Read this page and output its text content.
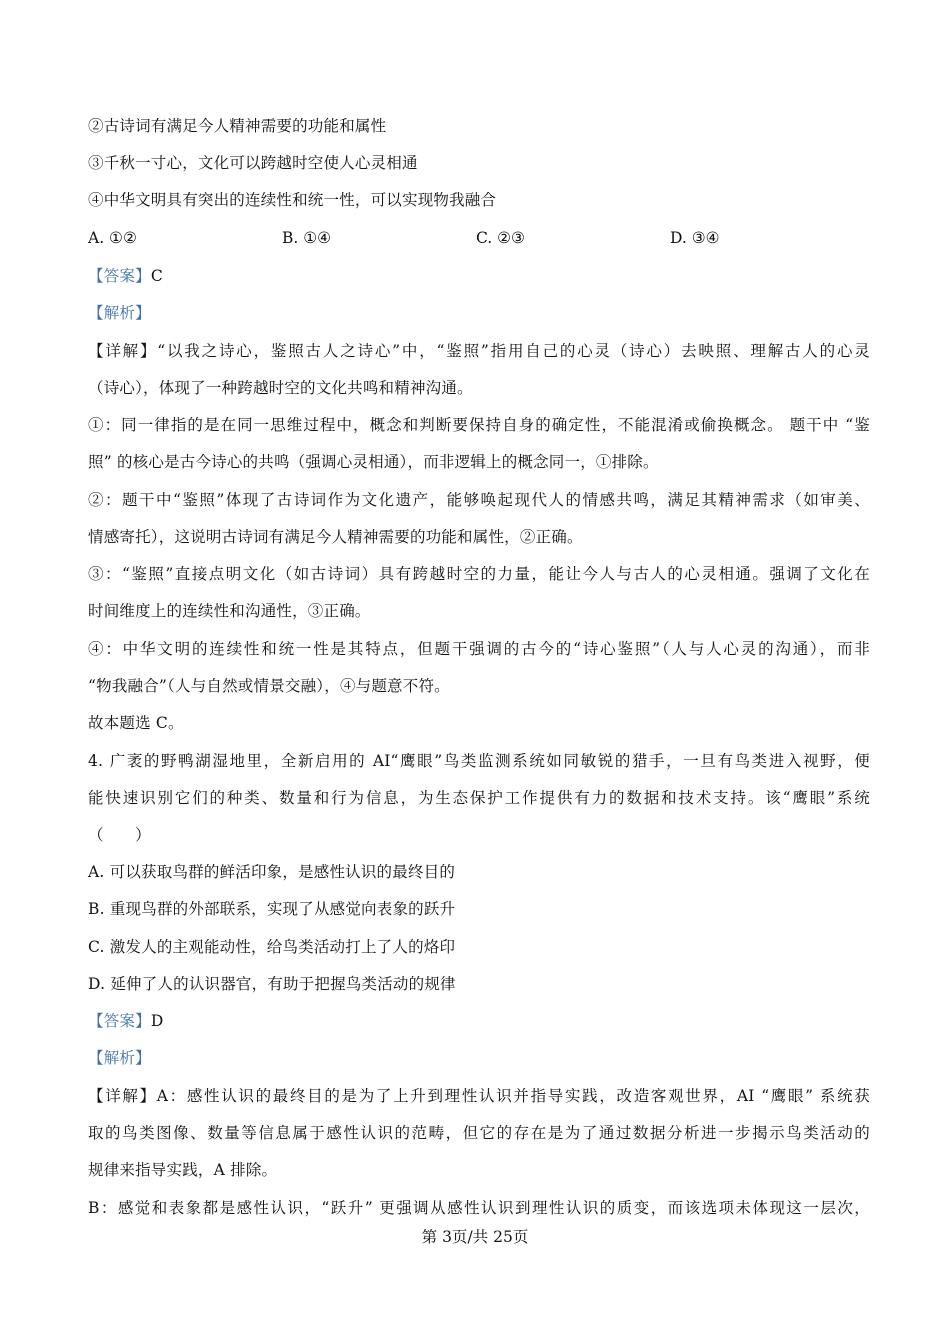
②古诗词有满足今人精神需要的功能和属性
③千秋一寸心，文化可以跨越时空使人心灵相通
④中华文明具有突出的连续性和统一性，可以实现物我融合
A. ①②	B. ①④	C. ②③	D. ③④
【答案】C
【解析】
【详解】“以我之诗心，鉴照古人之诗心”中，“鉴照”指用自己的心灵（诗心）去映照、理解古人的心灵
（诗心），体现了一种跨越时空的文化共鸣和精神沟通。
①：同一律指的是在同一思维过程中，概念和判断要保持自身的确定性，不能混淆或偷换概念。 题干中 “鉴
照” 的核心是古今诗心的共鸣（强调心灵相通），而非逻辑上的概念同一，①排除。
②：题干中“鉴照”体现了古诗词作为文化遗产，能够唤起现代人的情感共鸣，满足其精神需求（如审美、
情感寄托），这说明古诗词有满足今人精神需要的功能和属性，②正确。
③：“鉴照”直接点明文化（如古诗词）具有跨越时空的力量，能让今人与古人的心灵相通。强调了文化在
时间维度上的连续性和沟通性，③正确。
④：中华文明的连续性和统一性是其特点，但题干强调的古今的“诗心鉴照”（人与人心灵的沟通），而非
“物我融合”（人与自然或情景交融），④与题意不符。
故本题选 C。
4. 广袤的野鸭湖湿地里，全新启用的 AI“鹰眼”鸟类监测系统如同敏锐的猎手，一旦有鸟类进入视野，便
能快速识别它们的种类、数量和行为信息，为生态保护工作提供有力的数据和技术支持。该“鹰眼”系统
（　　）
A. 可以获取鸟群的鲜活印象，是感性认识的最终目的
B. 重现鸟群的外部联系，实现了从感觉向表象的跃升
C. 激发人的主观能动性，给鸟类活动打上了人的烙印
D. 延伸了人的认识器官，有助于把握鸟类活动的规律
【答案】D
【解析】
【详解】A：感性认识的最终目的是为了上升到理性认识并指导实践，改造客观世界，AI “鹰眼” 系统获
取的鸟类图像、数量等信息属于感性认识的范畴，但它的存在是为了通过数据分析进一步揭示鸟类活动的
规律来指导实践，A 排除。
B：感觉和表象都是感性认识，“跃升” 更强调从感性认识到理性认识的质变，而该选项未体现这一层次，
第 3页/共 25页
